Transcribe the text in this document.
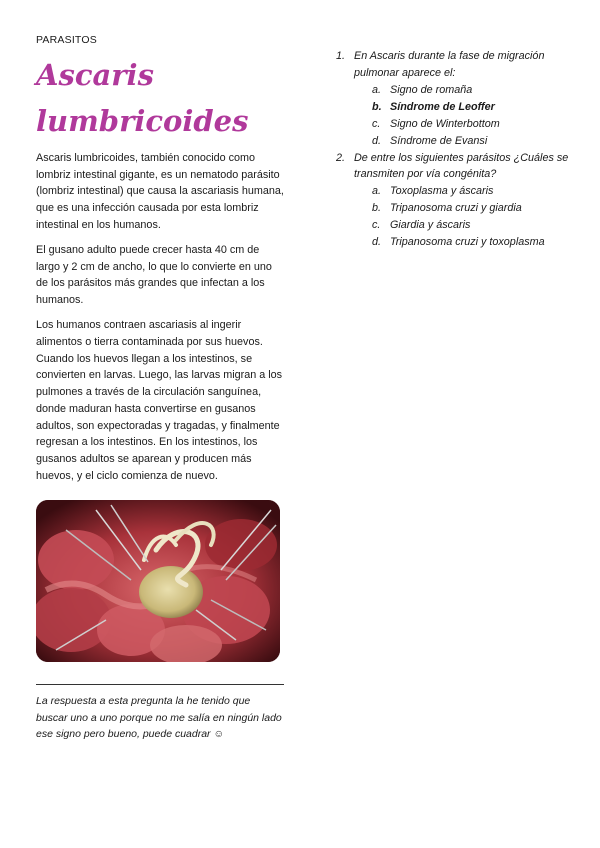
PARASITOS
Ascaris
lumbricoides

Ascaris lumbricoides, también conocido como lombriz intestinal gigante, es un nematodo parásito (lombriz intestinal) que causa la ascariasis humana, que es una infección causada por esta lombriz intestinal en los humanos.

El gusano adulto puede crecer hasta 40 cm de largo y 2 cm de ancho, lo que lo convierte en uno de los parásitos más grandes que infectan a los humanos.

Los humanos contraen ascariasis al ingerir alimentos o tierra contaminada por sus huevos. Cuando los huevos llegan a los intestinos, se convierten en larvas. Luego, las larvas migran a los pulmones a través de la circulación sanguínea, donde maduran hasta convertirse en gusanos adultos, son expectoradas y tragadas, y finalmente regresan a los intestinos. En los intestinos, los gusanos adultos se aparean y producen más huevos, y el ciclo comienza de nuevo.

La respuesta a esta pregunta la he tenido que buscar uno a uno porque no me salía en ningún lado ese signo pero bueno, puede cuadrar ☺

1. En Ascaris durante la fase de migración pulmonar aparece el:
a. Signo de romaña
b. Síndrome de Leoffer
c. Signo de Winterbottom
d. Síndrome de Evansi
2. De entre los siguientes parásitos ¿Cuáles se transmiten por vía congénita?
a. Toxoplasma y áscaris
b. Tripanosoma cruzi y giardia
c. Giardia y áscaris
d. Tripanosoma cruzi y toxoplasma
